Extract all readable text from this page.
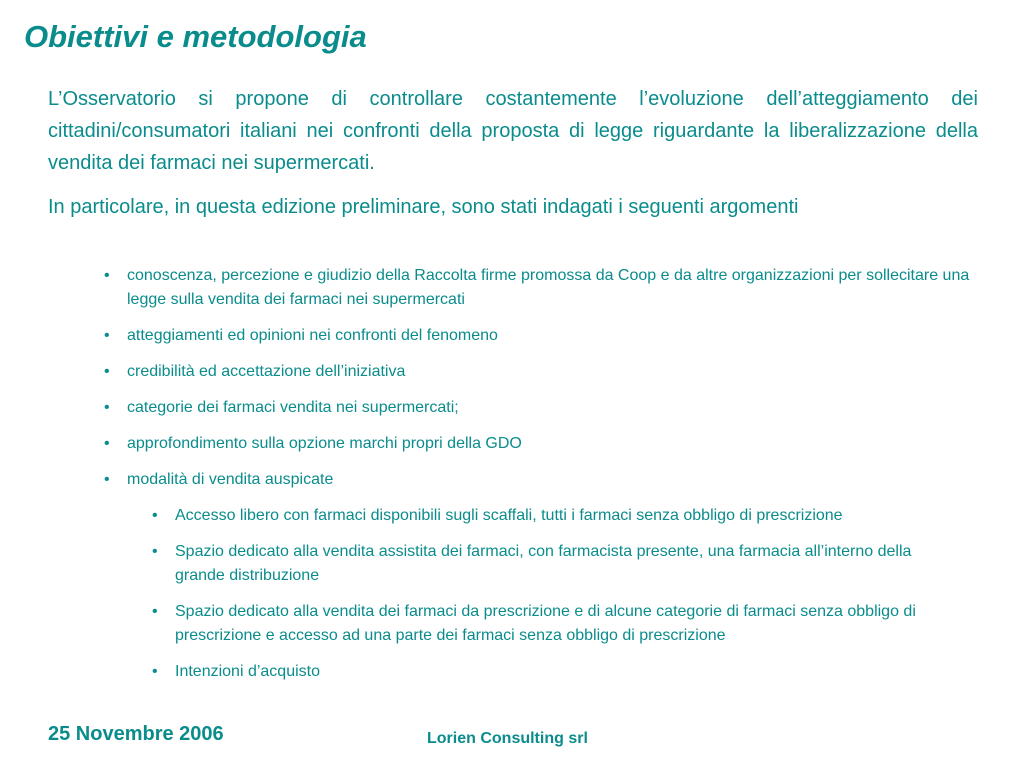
Obiettivi e metodologia

L’Osservatorio si propone di controllare costantemente l’evoluzione dell’atteggiamento dei cittadini/consumatori italiani nei confronti della proposta di legge riguardante la liberalizzazione della vendita dei farmaci nei supermercati.

In particolare, in questa edizione preliminare, sono stati indagati i seguenti argomenti

• conoscenza, percezione e giudizio della Raccolta firme promossa da Coop e da altre organizzazioni per sollecitare una legge sulla vendita dei farmaci nei supermercati
• atteggiamenti ed opinioni nei confronti del fenomeno
• credibilità ed accettazione dell’iniziativa
• categorie dei farmaci vendita nei supermercati;
• approfondimento sulla opzione marchi propri della GDO
• modalità di vendita auspicate
• Accesso libero con farmaci disponibili sugli scaffali, tutti i farmaci senza obbligo di prescrizione
• Spazio dedicato alla vendita assistita dei farmaci, con farmacista presente, una farmacia all’interno della grande distribuzione
• Spazio dedicato alla vendita dei farmaci da prescrizione e di alcune categorie di farmaci senza obbligo di prescrizione e accesso ad una parte dei farmaci senza obbligo di prescrizione
• Intenzioni d’acquisto
25 Novembre 2006	Lorien Consulting srl
